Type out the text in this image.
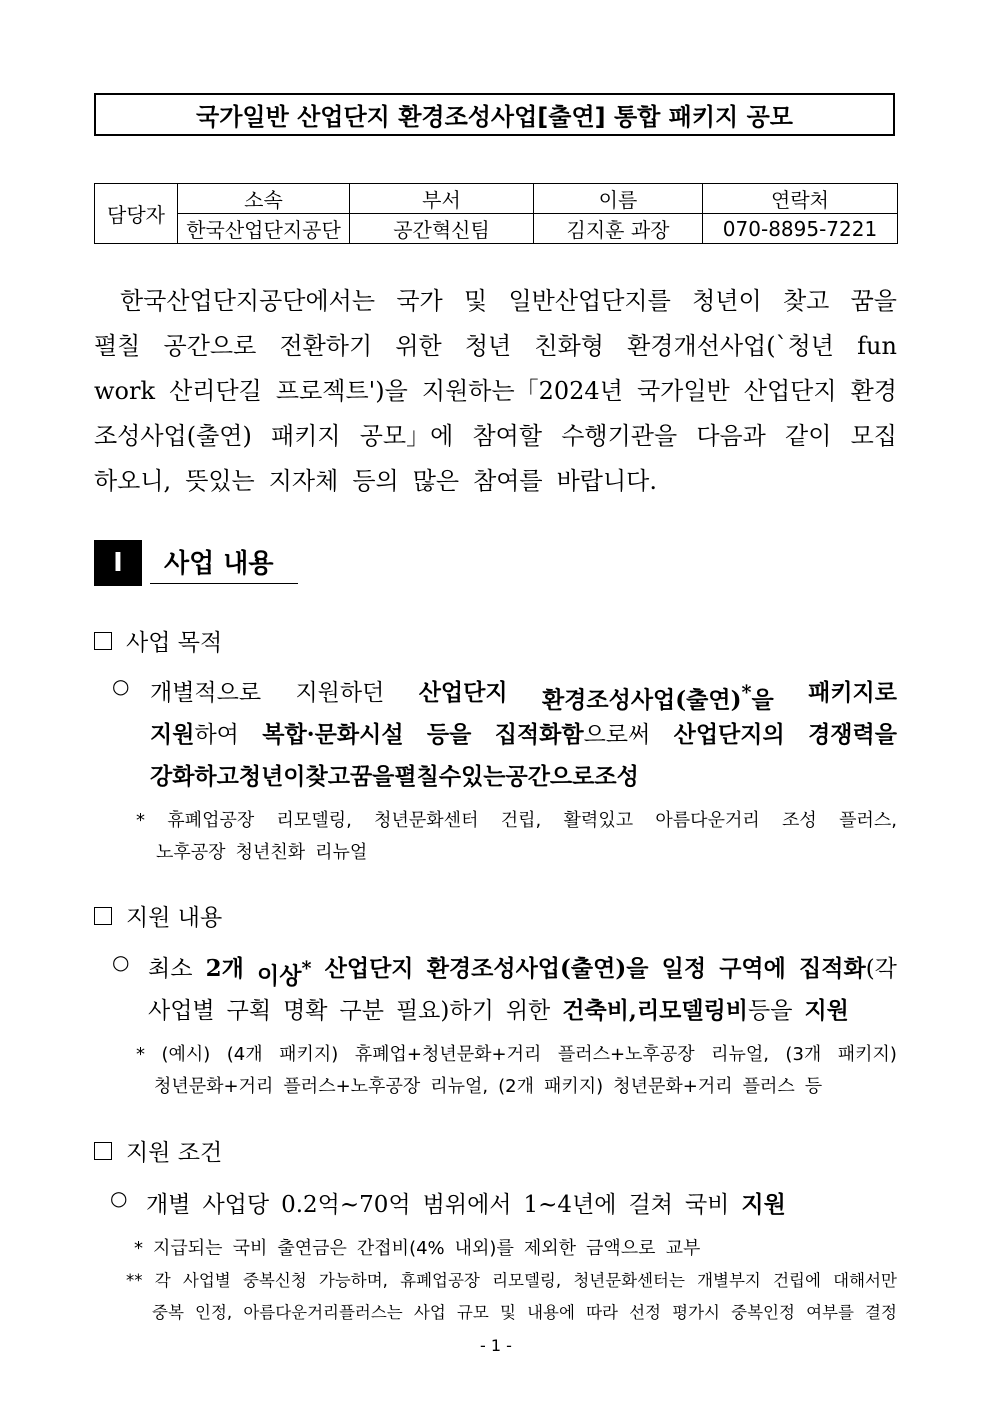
국가일반 산업단지 환경조성사업[출연] 통합 패키지 공모
담당자	소속	부서	이름	연락처
	한국산업단지공단	공간혁신팀	김지훈 과장	070-8895-7221
한국산업단지공단에서는 국가 및 일반산업단지를 청년이 찾고 꿈을
펼칠 공간으로 전환하기 위한 청년 친화형 환경개선사업(`청년 fun
work 산리단길 프로젝트')을 지원하는「2024년 국가일반 산업단지 환경
조성사업(출연) 패키지 공모」에 참여할 수행기관을 다음과 같이 모집
하오니, 뜻있는 지자체 등의 많은 참여를 바랍니다.
I	사업 내용
사업 목적
○ 개별적으로 지원하던 산업단지 환경조성사업(출연)*을 패키지로
지원하여 복합·문화시설 등을 집적화함으로써 산업단지의 경쟁력을
강화하고 청년이 찾고 꿈을 펼칠 수 있는 공간으로 조성
* 휴폐업공장 리모델링, 청년문화센터 건립, 활력있고 아름다운거리 조성 플러스,
노후공장 청년친화 리뉴얼
지원 내용
○ 최소 2개 이상* 산업단지 환경조성사업(출연)을 일정 구역에 집적화(각
사업별 구획 명확 구분 필요)하기 위한 건축비, 리모델링비 등을 지원
* (예시) (4개 패키지) 휴폐업+청년문화+거리 플러스+노후공장 리뉴얼, (3개 패키지)
청년문화+거리 플러스+노후공장 리뉴얼, (2개 패키지) 청년문화+거리 플러스 등
지원 조건
○ 개별 사업당 0.2억~70억 범위에서 1~4년에 걸쳐 국비 지원
* 지급되는 국비 출연금은 간접비(4% 내외)를 제외한 금액으로 교부
** 각 사업별 중복신청 가능하며, 휴폐업공장 리모델링, 청년문화센터는 개별부지 건립에 대해서만
중복 인정, 아름다운거리플러스는 사업 규모 및 내용에 따라 선정 평가시 중복인정 여부를 결정
- 1 -
